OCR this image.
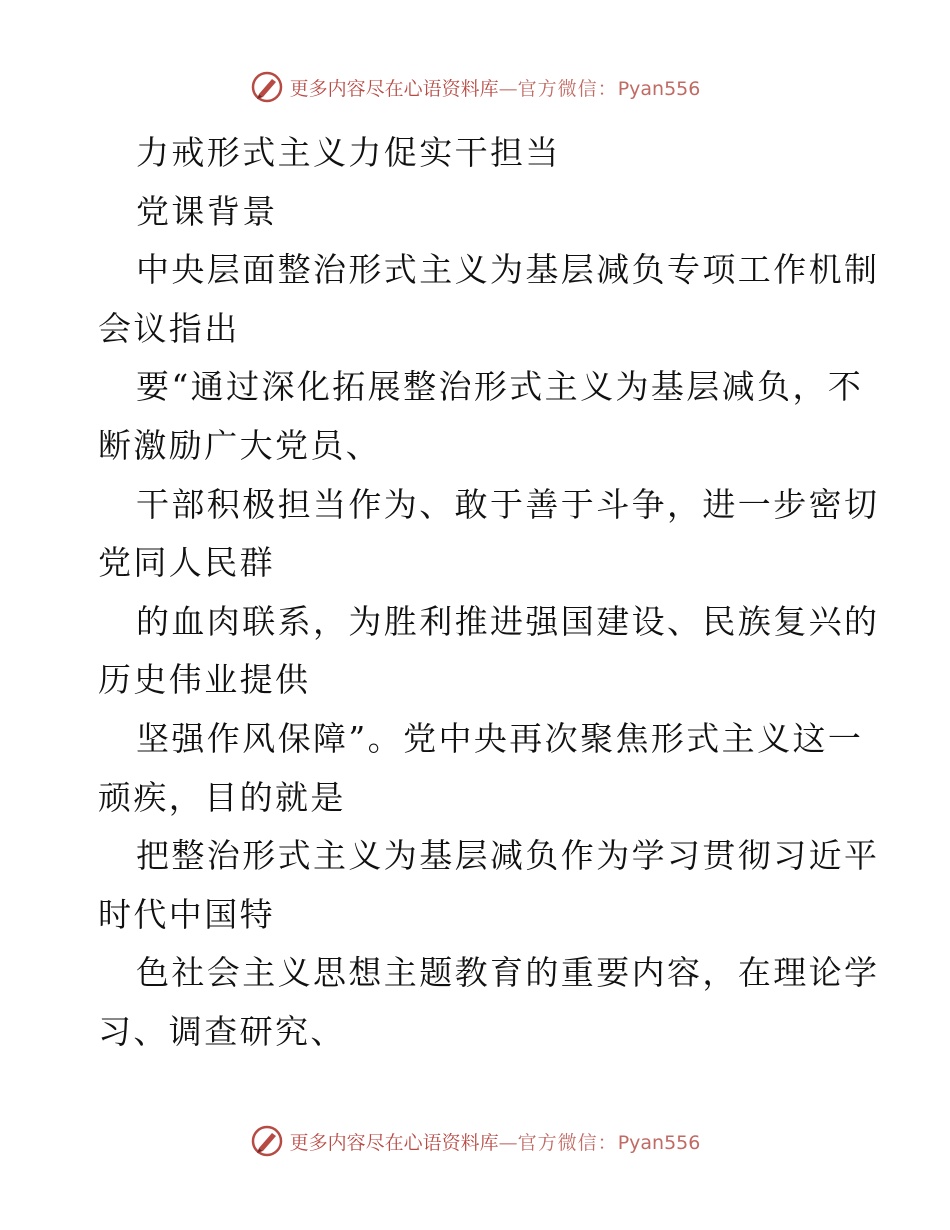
更多内容尽在心语资料库—官方微信：Pyan556
力戒形式主义力促实干担当
党课背景
中央层面整治形式主义为基层减负专项工作机制
会议指出
要“通过深化拓展整治形式主义为基层减负，不
断激励广大党员、
干部积极担当作为、敢于善于斗争，进一步密切
党同人民群
的血肉联系，为胜利推进强国建设、民族复兴的
历史伟业提供
坚强作风保障”。党中央再次聚焦形式主义这一
顽疾，目的就是
把整治形式主义为基层减负作为学习贯彻习近平
时代中国特
色社会主义思想主题教育的重要内容，在理论学
习、调查研究、
更多内容尽在心语资料库—官方微信：Pyan556
